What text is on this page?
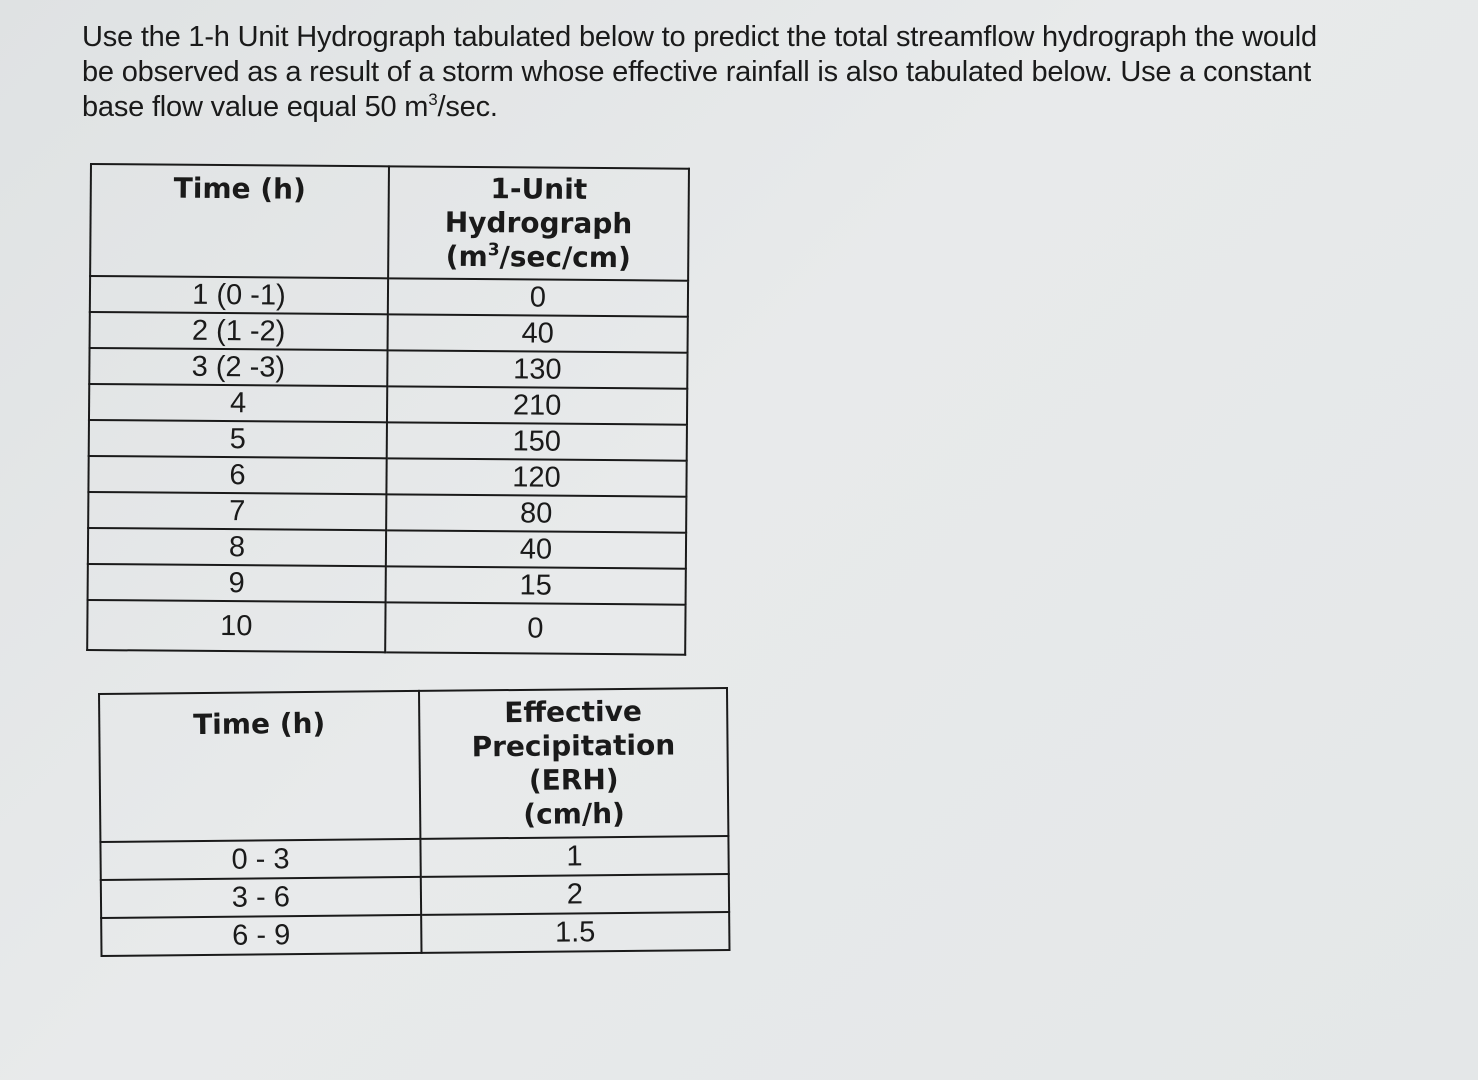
Use the 1-h Unit Hydrograph tabulated below to predict the total streamflow hydrograph the would

be observed as a result of a storm whose effective rainfall is also tabulated below. Use a constant

base flow value equal 50 $m^3/\sec$.

Time (h)	1-Unit
Hydrograph
$(m^3/\sec/cm)$

1 (0 -1)	0
2 (1 -2)	40
3 (2 -3)	130
4	210
5	150
6	120
7	80
8	40
9	15
10	0
Time (h)	Effective
Precipitation
(ERH)
(cm/h)

0 - 3	1
3 - 6	2
6 - 9	1.5
